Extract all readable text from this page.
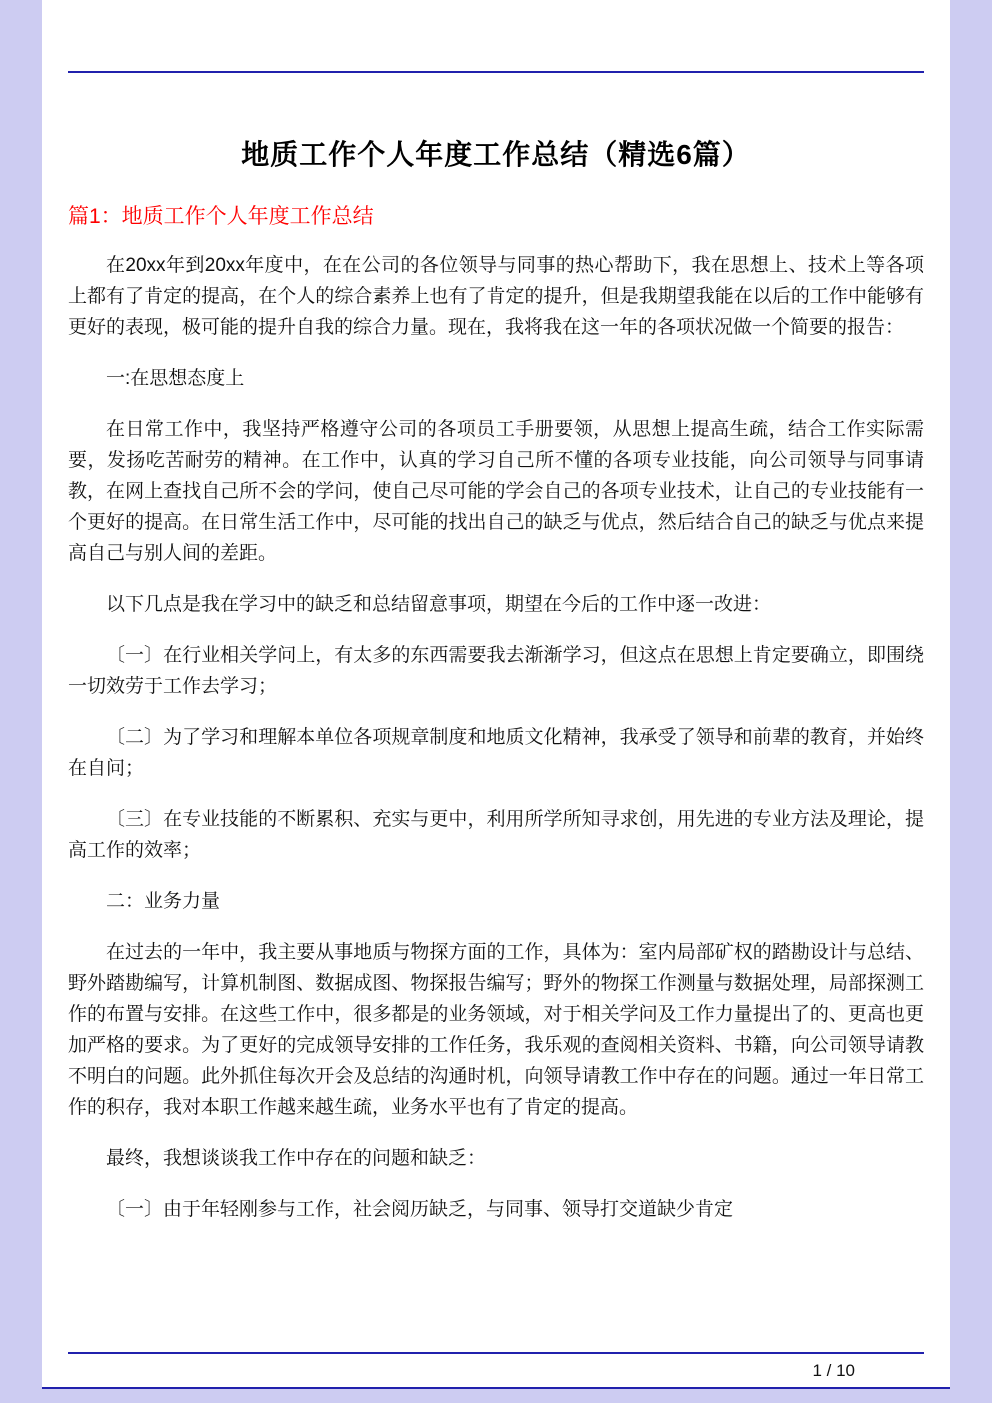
地质工作个人年度工作总结（精选6篇）
篇1：地质工作个人年度工作总结

在20xx年到20xx年度中，在在公司的各位领导与同事的热心帮助下，我在思想上、技术上等各项上都有了肯定的提高，在个人的综合素养上也有了肯定的提升，但是我期望我能在以后的工作中能够有更好的表现，极可能的提升自我的综合力量。现在，我将我在这一年的各项状况做一个简要的报告：

一:在思想态度上

在日常工作中，我坚持严格遵守公司的各项员工手册要领，从思想上提高生疏，结合工作实际需要，发扬吃苦耐劳的精神。在工作中，认真的学习自己所不懂的各项专业技能，向公司领导与同事请教，在网上查找自己所不会的学问，使自己尽可能的学会自己的各项专业技术，让自己的专业技能有一个更好的提高。在日常生活工作中，尽可能的找出自己的缺乏与优点，然后结合自己的缺乏与优点来提高自己与别人间的差距。

以下几点是我在学习中的缺乏和总结留意事项，期望在今后的工作中逐一改进：

〔一〕在行业相关学问上，有太多的东西需要我去渐渐学习，但这点在思想上肯定要确立，即围绕一切效劳于工作去学习；

〔二〕为了学习和理解本单位各项规章制度和地质文化精神，我承受了领导和前辈的教育，并始终在自问；

〔三〕在专业技能的不断累积、充实与更中，利用所学所知寻求创，用先进的专业方法及理论，提高工作的效率；

二：业务力量

在过去的一年中，我主要从事地质与物探方面的工作，具体为：室内局部矿权的踏勘设计与总结、野外踏勘编写，计算机制图、数据成图、物探报告编写；野外的物探工作测量与数据处理，局部探测工作的布置与安排。在这些工作中，很多都是的业务领域，对于相关学问及工作力量提出了的、更高也更加严格的要求。为了更好的完成领导安排的工作任务，我乐观的查阅相关资料、书籍，向公司领导请教不明白的问题。此外抓住每次开会及总结的沟通时机，向领导请教工作中存在的问题。通过一年日常工作的积存，我对本职工作越来越生疏，业务水平也有了肯定的提高。

最终，我想谈谈我工作中存在的问题和缺乏：

〔一〕由于年轻刚参与工作，社会阅历缺乏，与同事、领导打交道缺少肯定

1 / 10
